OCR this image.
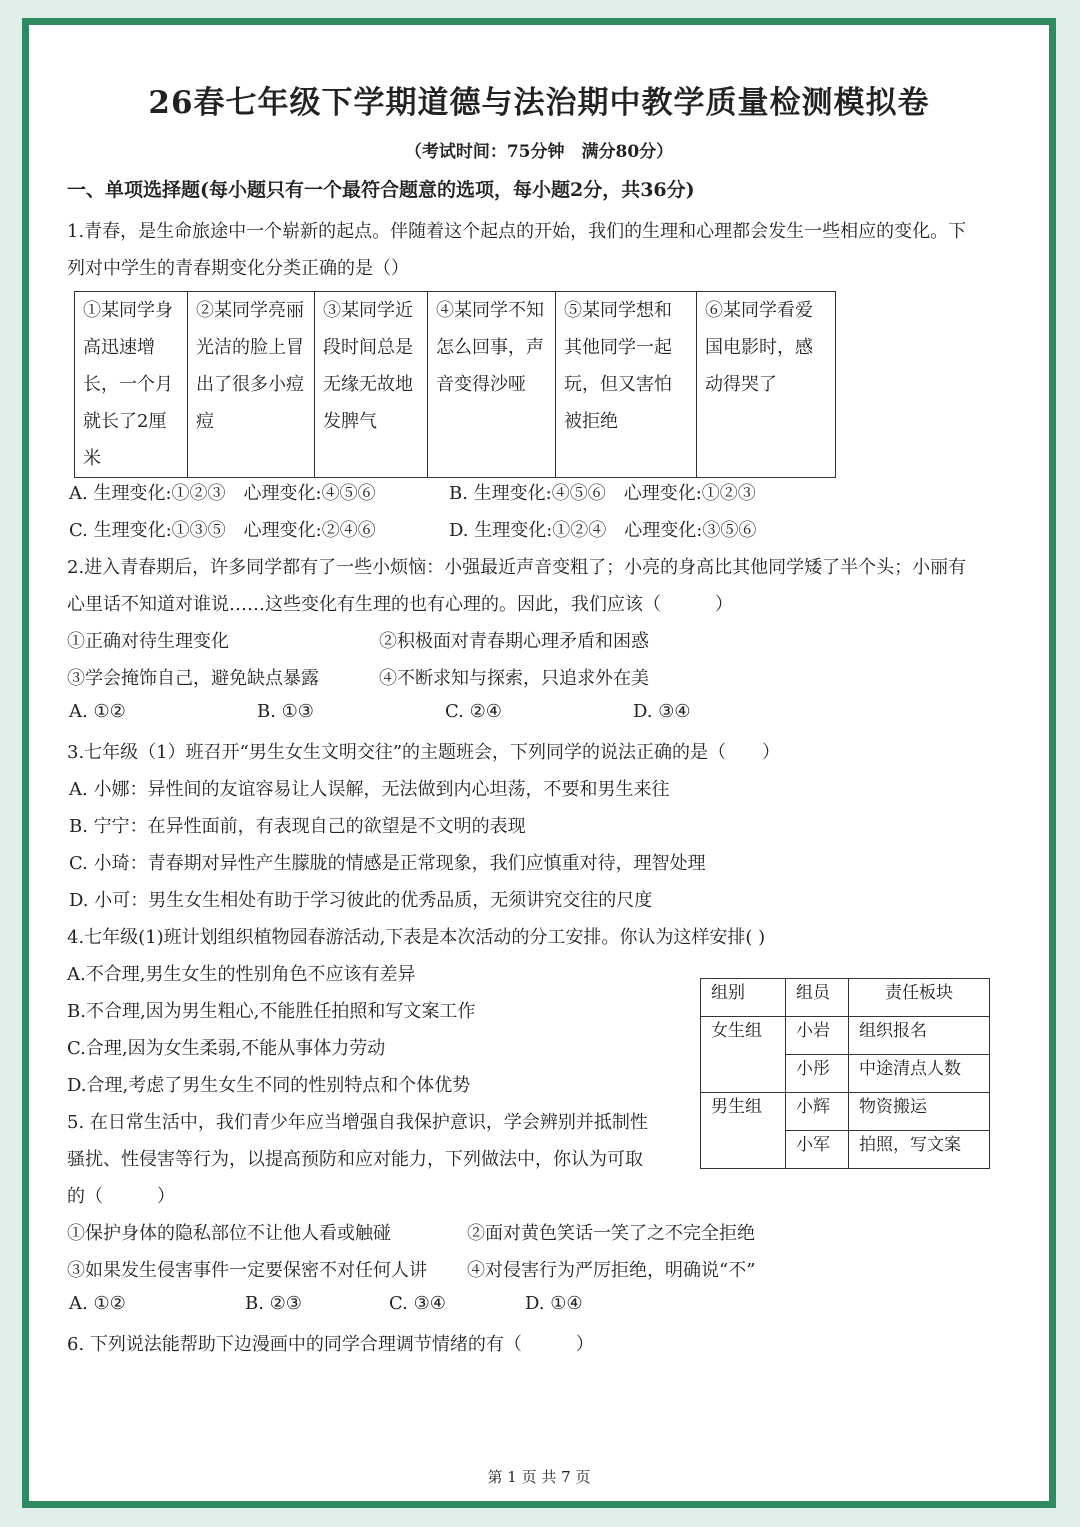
26春七年级下学期道德与法治期中教学质量检测模拟卷
（考试时间：75分钟　满分80分）
一、单项选择题(每小题只有一个最符合题意的选项，每小题2分，共36分)
1.青春，是生命旅途中一个崭新的起点。伴随着这个起点的开始，我们的生理和心理都会发生一些相应的变化。下
列对中学生的青春期变化分类正确的是（）
①某同学身高迅速增长，一个月就长了2厘米	②某同学亮丽光洁的脸上冒出了很多小痘痘	③某同学近段时间总是无缘无故地发脾气	④某同学不知怎么回事，声音变得沙哑	⑤某同学想和其他同学一起玩，但又害怕被拒绝	⑥某同学看爱国电影时，感动得哭了
A. 生理变化:①②③　心理变化:④⑤⑥	B. 生理变化:④⑤⑥　心理变化:①②③
C. 生理变化:①③⑤　心理变化:②④⑥	D. 生理变化:①②④　心理变化:③⑤⑥
2.进入青春期后，许多同学都有了一些小烦恼：小强最近声音变粗了；小亮的身高比其他同学矮了半个头；小丽有
心里话不知道对谁说……这些变化有生理的也有心理的。因此，我们应该（　　　）
①正确对待生理变化	②积极面对青春期心理矛盾和困惑
③学会掩饰自己，避免缺点暴露	④不断求知与探索，只追求外在美
A. ①②	B. ①③	C. ②④	D. ③④
3.七年级（1）班召开“男生女生文明交往”的主题班会，下列同学的说法正确的是（　　）
A. 小娜：异性间的友谊容易让人误解，无法做到内心坦荡，不要和男生来往
B. 宁宁：在异性面前，有表现自己的欲望是不文明的表现
C. 小琦：青春期对异性产生朦胧的情感是正常现象，我们应慎重对待，理智处理
D. 小可：男生女生相处有助于学习彼此的优秀品质，无须讲究交往的尺度
4.七年级(1)班计划组织植物园春游活动,下表是本次活动的分工安排。你认为这样安排( )
A.不合理,男生女生的性别角色不应该有差异
B.不合理,因为男生粗心,不能胜任拍照和写文案工作
C.合理,因为女生柔弱,不能从事体力劳动
D.合理,考虑了男生女生不同的性别特点和个体优势
组别	组员	责任板块
女生组	小岩	组织报名
	小彤	中途清点人数
男生组	小辉	物资搬运
	小军	拍照，写文案
5. 在日常生活中，我们青少年应当增强自我保护意识，学会辨别并抵制性
骚扰、性侵害等行为，以提高预防和应对能力，下列做法中，你认为可取
的（　　　）
①保护身体的隐私部位不让他人看或触碰	②面对黄色笑话一笑了之不完全拒绝
③如果发生侵害事件一定要保密不对任何人讲 ④对侵害行为严厉拒绝，明确说“不”
A. ①②	B. ②③	C. ③④	D. ①④
6. 下列说法能帮助下边漫画中的同学合理调节情绪的有（　　　）
第 1 页 共 7 页
